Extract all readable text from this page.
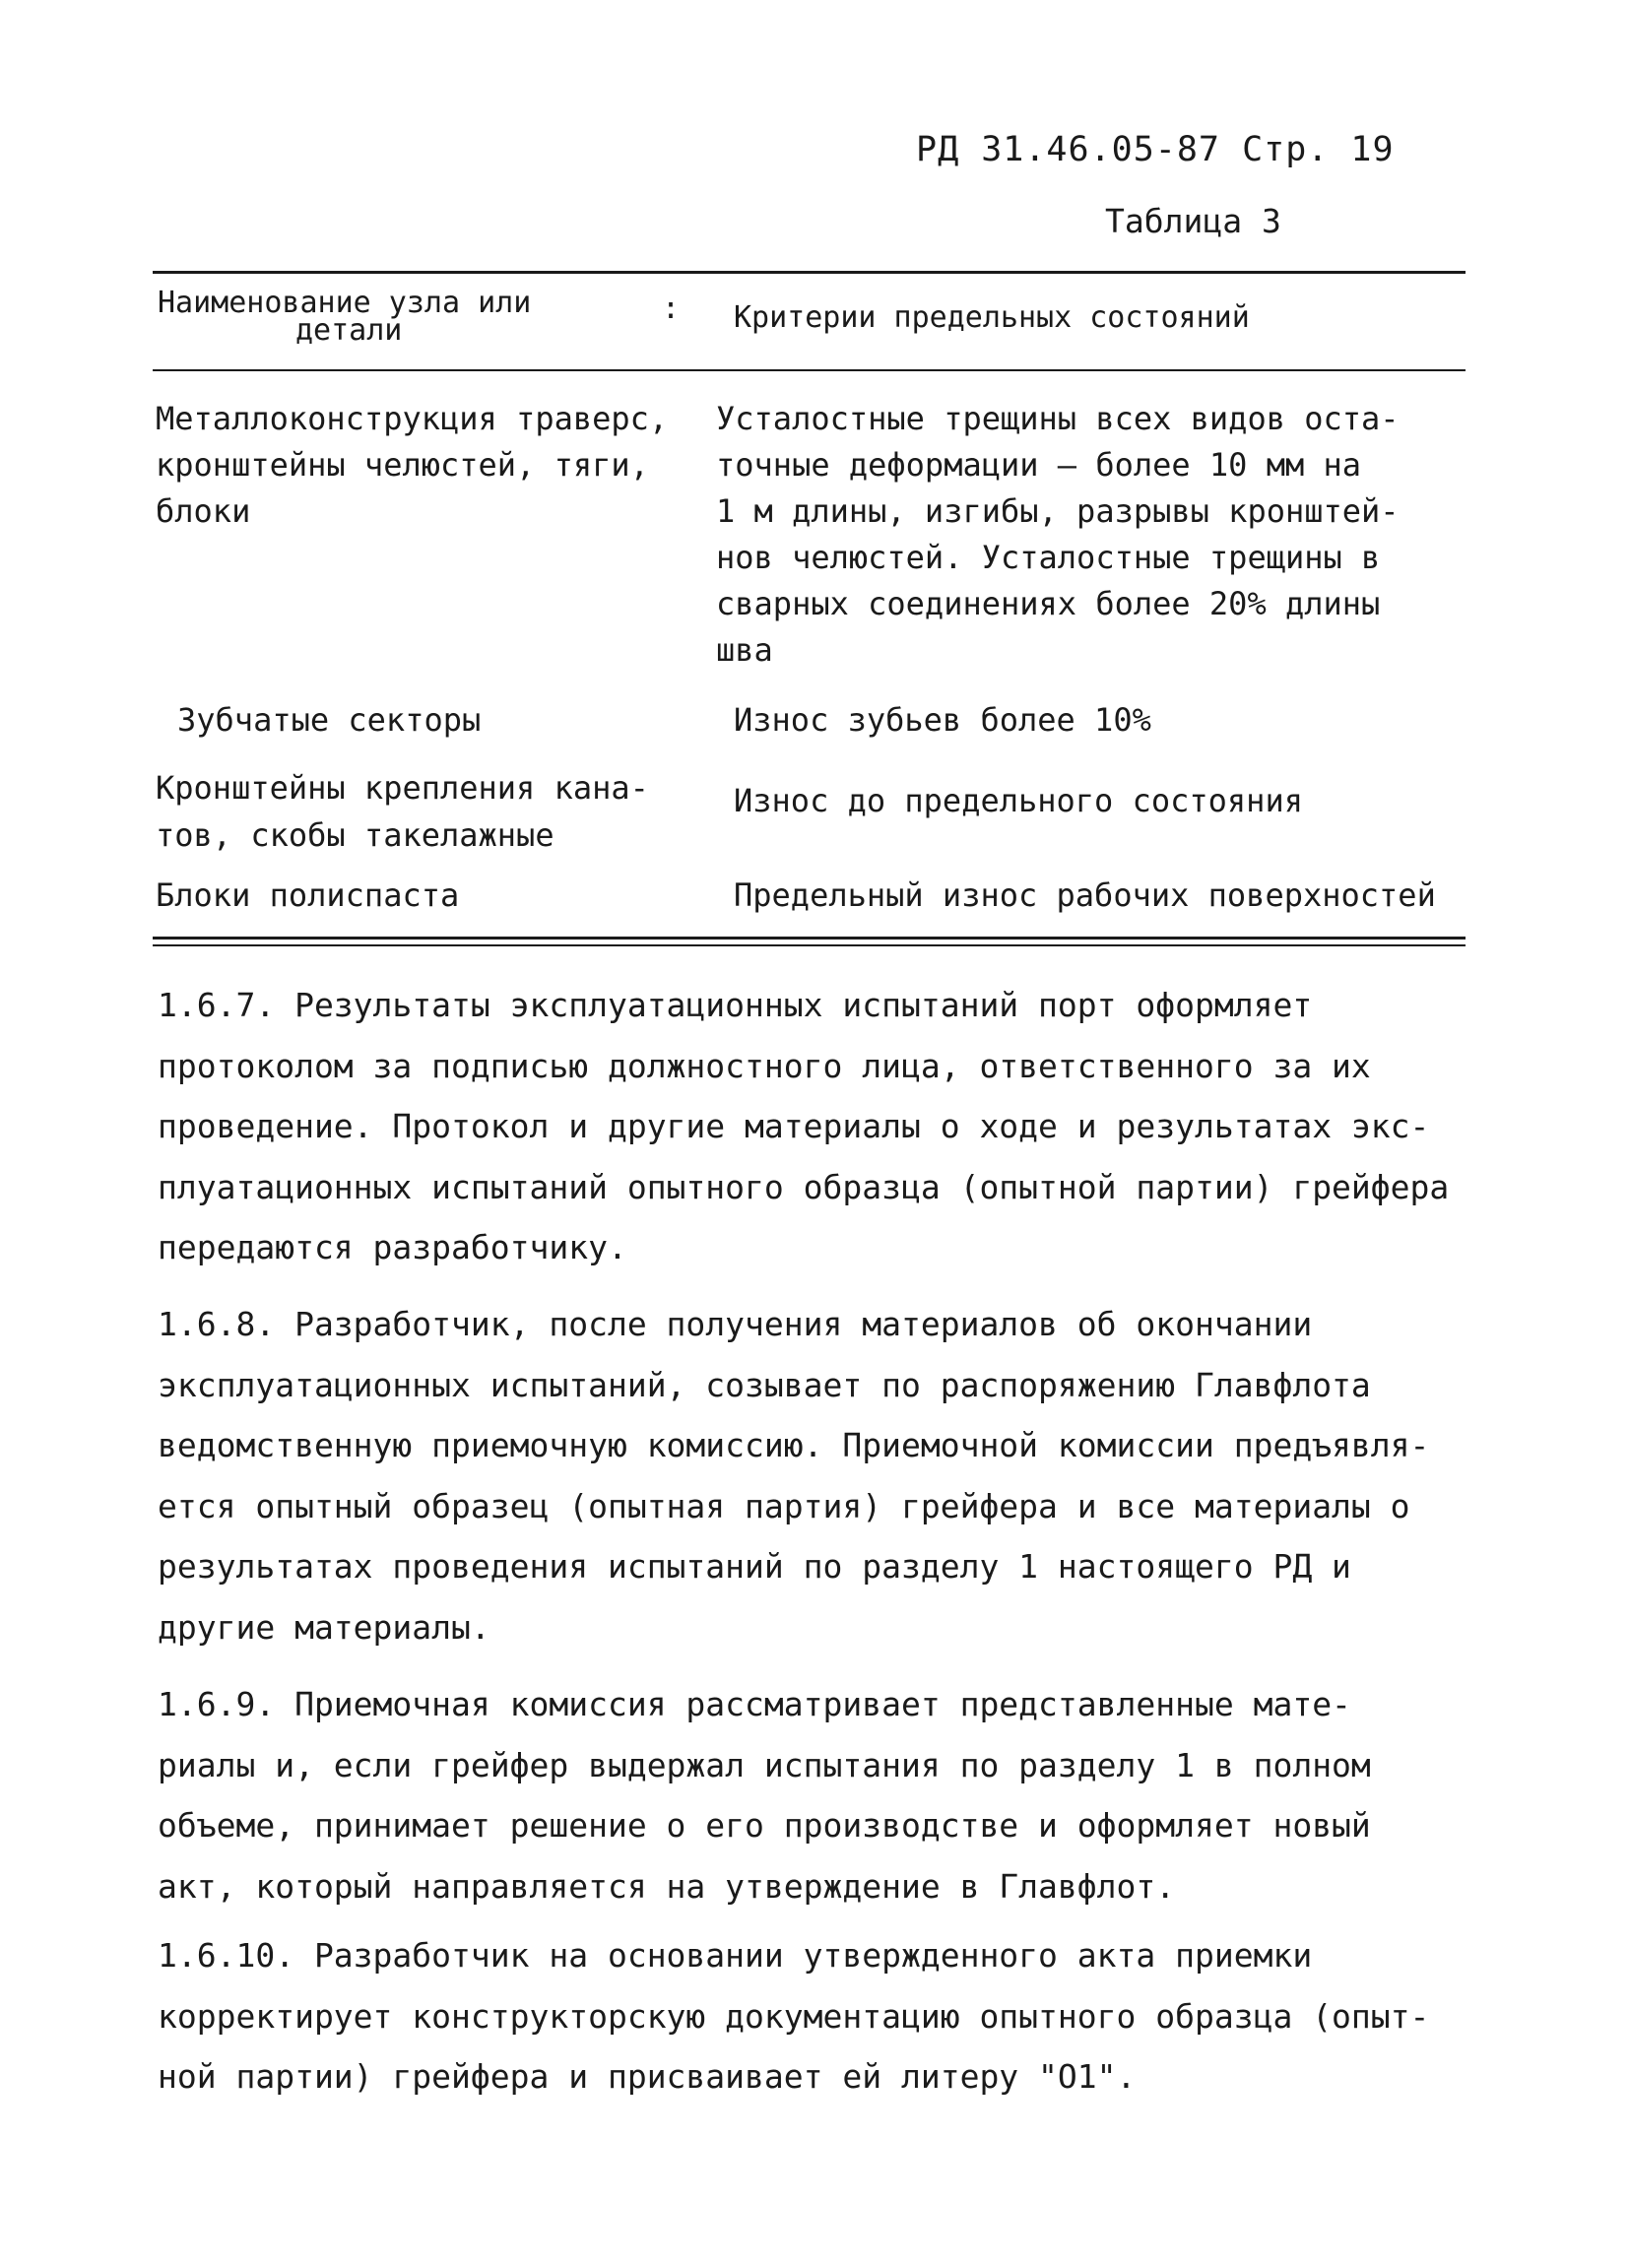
РД 31.46.05-87 Стр. 19
Таблица 3
Наименование узла или
детали
: Критерии предельных состояний
Металлоконструкция траверс,
кронштейны челюстей, тяги,
блоки
Усталостные трещины всех видов оста-
точные деформации – более 10 мм на
1 м длины, изгибы, разрывы кронштей-
нов челюстей. Усталостные трещины в
сварных соединениях более 20% длины
шва
Зубчатые секторы	Износ зубьев более 10%
Кронштейны крепления кана-
тов, скобы такелажные
Износ до предельного состояния
Блоки полиспаста	Предельный износ рабочих поверхностей
1.6.7. Результаты эксплуатационных испытаний порт оформляет
протоколом за подписью должностного лица, ответственного за их
проведение. Протокол и другие материалы о ходе и результатах экс-
плуатационных испытаний опытного образца (опытной партии) грейфера
передаются разработчику.
1.6.8. Разработчик, после получения материалов об окончании
эксплуатационных испытаний, созывает по распоряжению Главфлота
ведомственную приемочную комиссию. Приемочной комиссии предъявля-
ется опытный образец (опытная партия) грейфера и все материалы о
результатах проведения испытаний по разделу 1 настоящего РД и
другие материалы.
1.6.9. Приемочная комиссия рассматривает представленные мате-
риалы и, если грейфер выдержал испытания по разделу 1 в полном
объеме, принимает решение о его производстве и оформляет новый
акт, который направляется на утверждение в Главфлот.
1.6.10. Разработчик на основании утвержденного акта приемки
корректирует конструкторскую документацию опытного образца (опыт-
ной партии) грейфера и присваивает ей литеру "О1".
